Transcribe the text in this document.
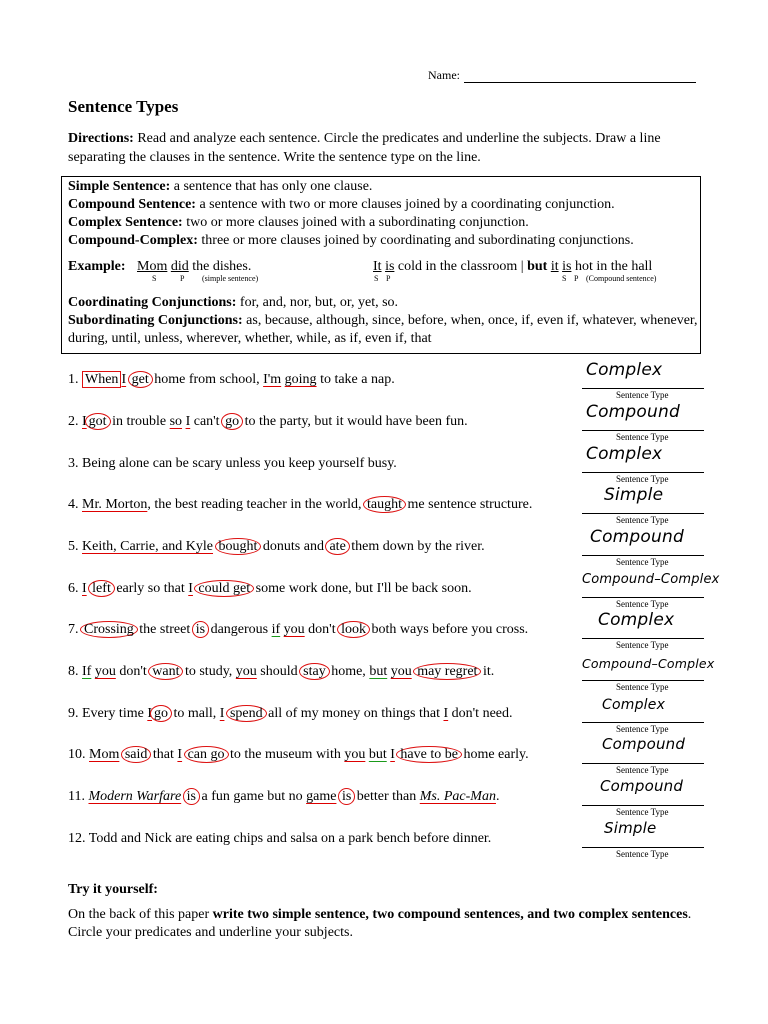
Name:
Sentence Types
Directions: Read and analyze each sentence. Circle the predicates and underline the subjects. Draw a line separating the clauses in the sentence. Write the sentence type on the line.
Simple Sentence: a sentence that has only one clause.
Compound Sentence: a sentence with two or more clauses joined by a coordinating conjunction.
Complex Sentence: two or more clauses joined with a subordinating conjunction.
Compound-Complex: three or more clauses joined by coordinating and subordinating conjunctions.
Example: Mom did the dishes.
S	P (simple sentence)
It is cold in the classroom | but it is hot in the hall
S P	S P (Compound sentence)
Coordinating Conjunctions: for, and, nor, but, or, yet, so.
Subordinating Conjunctions: as, because, although, since, before, when, once, if, even if, whatever, whenever, during, until, unless, wherever, whether, while, as if, even if, that
1. When I get home from school, I'm going to take a nap.
2. I got in trouble so I can't go to the party, but it would have been fun.
3. Being alone can be scary unless you keep yourself busy.
4. Mr. Morton, the best reading teacher in the world, taught me sentence structure.
5. Keith, Carrie, and Kyle bought donuts and ate them down by the river.
6. I left early so that I could get some work done, but I'll be back soon.
7. Crossing the street is dangerous if you don't look both ways before you cross.
8. If you don't want to study, you should stay home, but you may regret it.
9. Every time I go to mall, I spend all of my money on things that I don't need.
10. Mom said that I can go to the museum with you but I have to be home early.
11. Modern Warfare is a fun game but no game is better than Ms. Pac-Man.
12. Todd and Nick are eating chips and salsa on a park bench before dinner.
Complex
Sentence Type
Compound
Sentence Type
Complex
Sentence Type
Simple
Sentence Type
Compound
Sentence Type
Compound–Complex
Sentence Type
Complex
Sentence Type
Compound–Complex
Sentence Type
Complex
Sentence Type
Compound
Sentence Type
Compound
Sentence Type
Simple
Sentence Type
Try it yourself:
On the back of this paper write two simple sentence, two compound sentences, and two complex sentences. Circle your predicates and underline your subjects.
